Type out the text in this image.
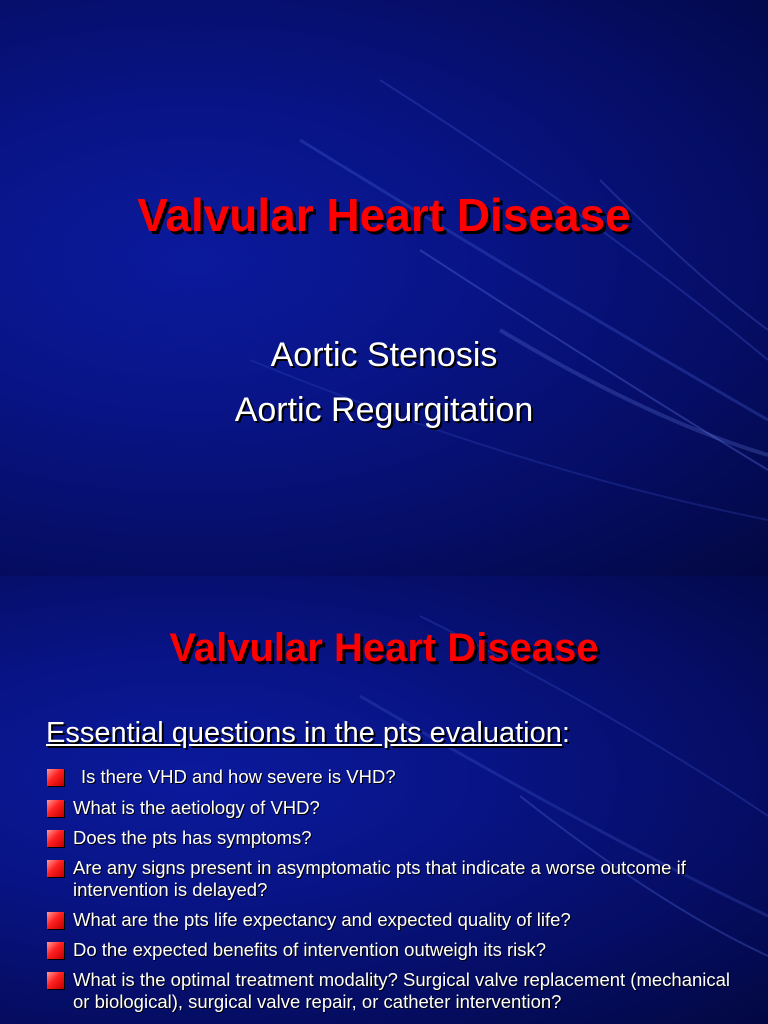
Valvular Heart Disease
Aortic Stenosis
Aortic Regurgitation
Valvular Heart Disease
Essential questions in the pts evaluation:
Is there VHD and how severe is VHD?
What is the aetiology of VHD?
Does the pts has symptoms?
Are any signs present in asymptomatic pts that indicate a worse outcome if intervention is delayed?
What are the pts life expectancy and expected quality of life?
Do the expected benefits of intervention outweigh its risk?
What is the optimal treatment modality? Surgical valve replacement (mechanical or biological), surgical valve repair, or catheter intervention?
